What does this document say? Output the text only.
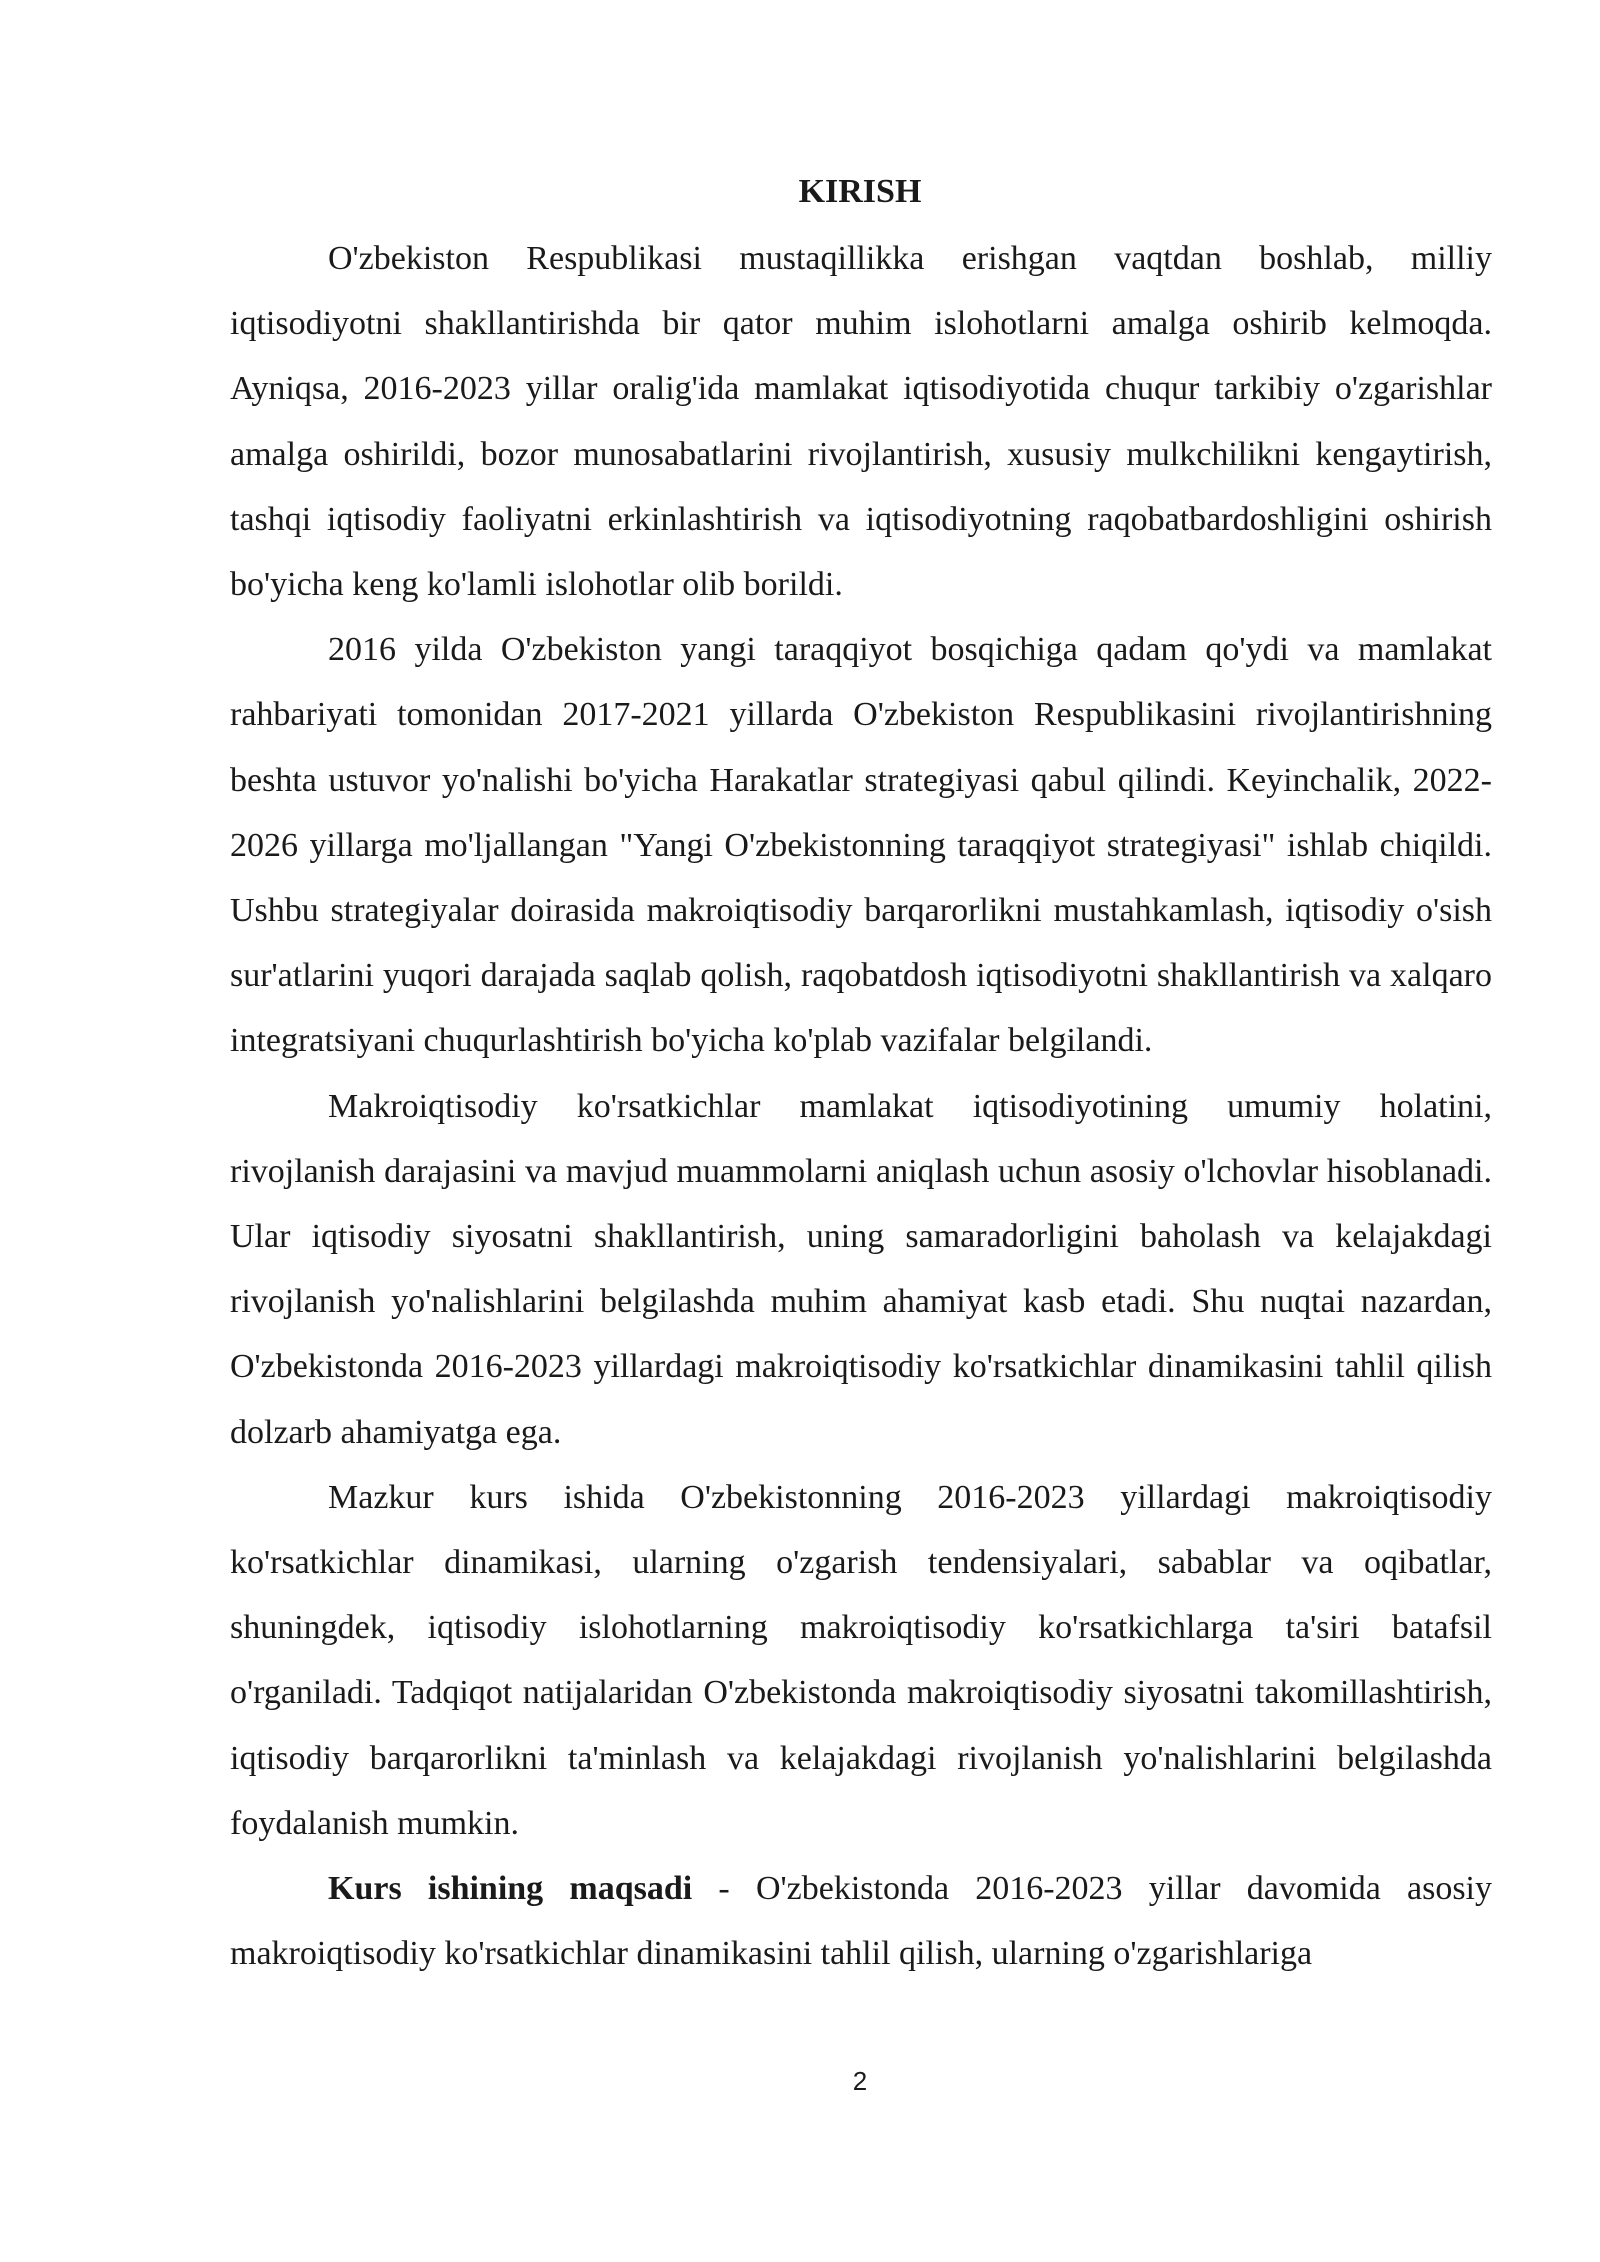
KIRISH

O'zbekiston Respublikasi mustaqillikka erishgan vaqtdan boshlab, milliy iqtisodiyotni shakllantirishda bir qator muhim islohotlarni amalga oshirib kelmoqda. Ayniqsa, 2016-2023 yillar oralig'ida mamlakat iqtisodiyotida chuqur tarkibiy o'zgarishlar amalga oshirildi, bozor munosabatlarini rivojlantirish, xususiy mulkchilikni kengaytirish, tashqi iqtisodiy faoliyatni erkinlashtirish va iqtisodiyotning raqobatbardoshligini oshirish bo'yicha keng ko'lamli islohotlar olib borildi.

2016 yilda O'zbekiston yangi taraqqiyot bosqichiga qadam qo'ydi va mamlakat rahbariyati tomonidan 2017-2021 yillarda O'zbekiston Respublikasini rivojlantirishning beshta ustuvor yo'nalishi bo'yicha Harakatlar strategiyasi qabul qilindi. Keyinchalik, 2022-2026 yillarga mo'ljallangan "Yangi O'zbekistonning taraqqiyot strategiyasi" ishlab chiqildi. Ushbu strategiyalar doirasida makroiqtisodiy barqarorlikni mustahkamlash, iqtisodiy o'sish sur'atlarini yuqori darajada saqlab qolish, raqobatdosh iqtisodiyotni shakllantirish va xalqaro integratsiyani chuqurlashtirish bo'yicha ko'plab vazifalar belgilandi.

Makroiqtisodiy ko'rsatkichlar mamlakat iqtisodiyotining umumiy holatini, rivojlanish darajasini va mavjud muammolarni aniqlash uchun asosiy o'lchovlar hisoblanadi. Ular iqtisodiy siyosatni shakllantirish, uning samaradorligini baholash va kelajakdagi rivojlanish yo'nalishlarini belgilashda muhim ahamiyat kasb etadi. Shu nuqtai nazardan, O'zbekistonda 2016-2023 yillardagi makroiqtisodiy ko'rsatkichlar dinamikasini tahlil qilish dolzarb ahamiyatga ega.

Mazkur kurs ishida O'zbekistonning 2016-2023 yillardagi makroiqtisodiy ko'rsatkichlar dinamikasi, ularning o'zgarish tendensiyalari, sabablar va oqibatlar, shuningdek, iqtisodiy islohotlarning makroiqtisodiy ko'rsatkichlarga ta'siri batafsil o'rganiladi. Tadqiqot natijalaridan O'zbekistonda makroiqtisodiy siyosatni takomillashtirish, iqtisodiy barqarorlikni ta'minlash va kelajakdagi rivojlanish yo'nalishlarini belgilashda foydalanish mumkin.

Kurs ishining maqsadi - O'zbekistonda 2016-2023 yillar davomida asosiy makroiqtisodiy ko'rsatkichlar dinamikasini tahlil qilish, ularning o'zgarishlariga

2
